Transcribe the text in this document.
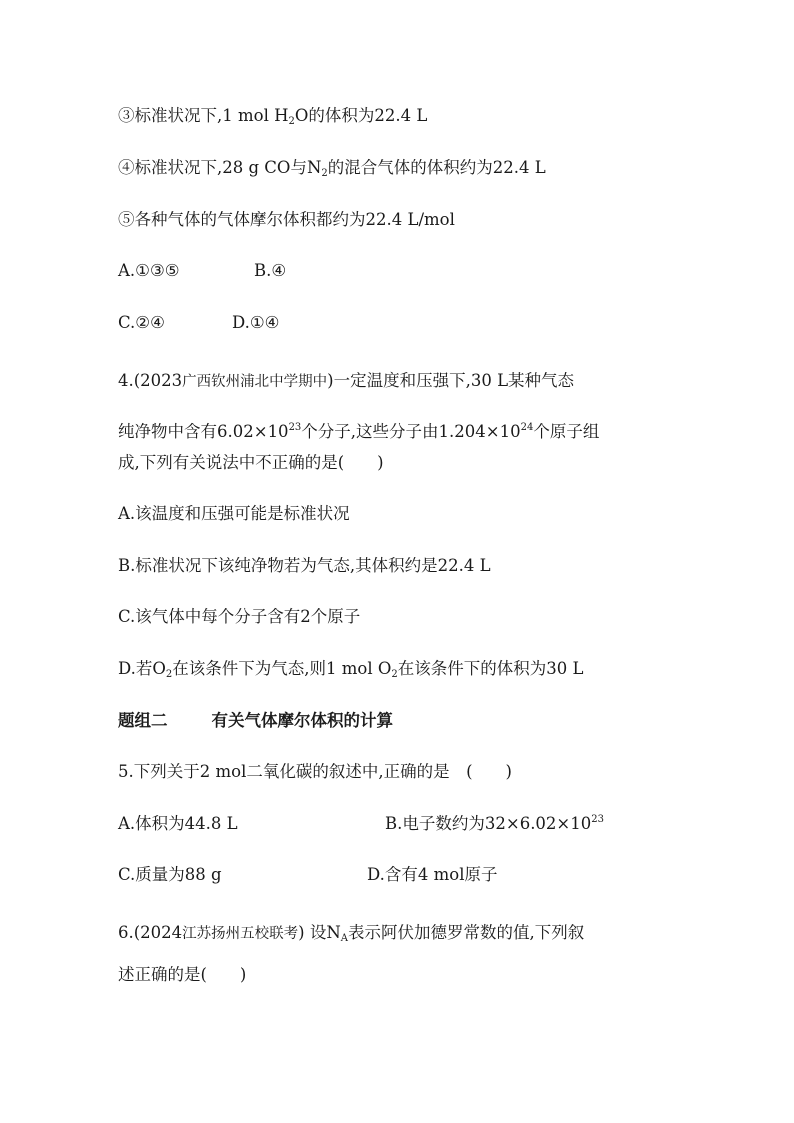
③标准状况下,1 mol $H_2O$的体积为22.4 L

④标准状况下,28 g CO与$N_2$的混合气体的体积约为22.4 L

⑤各种气体的气体摩尔体积都约为22.4 L/mol

A.①③⑤	B.④

C.②④	D.①④

4.(2023广西钦州浦北中学期中)一定温度和压强下,30 L某种气态

纯净物中含有$6.02\times 10^{23}$个分子,这些分子由$1.204\times 10^{24}$个原子组

成,下列有关说法中不正确的是(　　)

A.该温度和压强可能是标准状况

B.标准状况下该纯净物若为气态,其体积约是22.4 L

C.该气体中每个分子含有2个原子

D.若$O_2$在该条件下为气态,则1 mol $O_2$在该条件下的体积为30 L

题组二	有关气体摩尔体积的计算

5.下列关于2 mol二氧化碳的叙述中,正确的是　(　　)

A.体积为44.8 L	B.电子数约为$32\times 6.02\times 10^{23}$

C.质量为88 g	D.含有4 mol原子

6.(2024江苏扬州五校联考) 设$N_A$表示阿伏加德罗常数的值,下列叙

述正确的是(　　)
